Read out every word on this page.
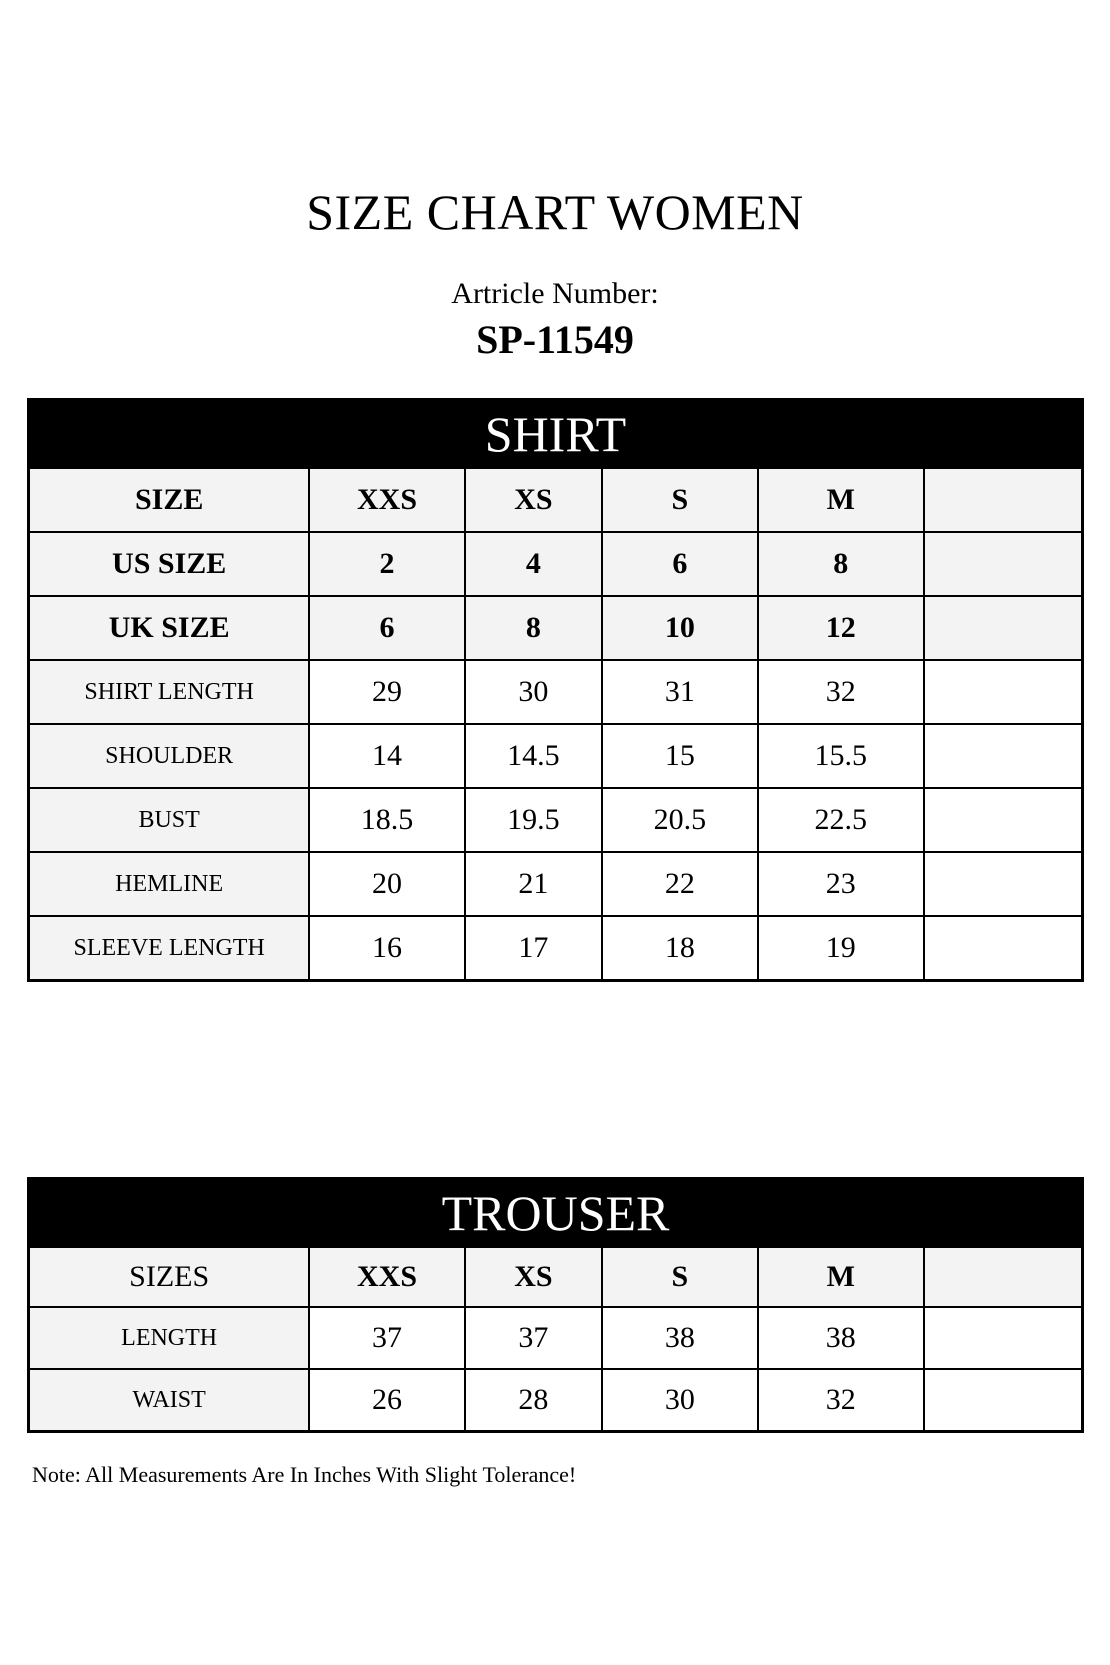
SIZE CHART WOMEN
Artricle Number:
SP-11549
SHIRT					
SIZE	XXS	XS	S	M	
US SIZE	2	4	6	8	
UK SIZE	6	8	10	12	
SHIRT LENGTH	29	30	31	32	
SHOULDER	14	14.5	15	15.5	
BUST	18.5	19.5	20.5	22.5	
HEMLINE	20	21	22	23	
SLEEVE LENGTH	16	17	18	19	
TROUSER					
SIZES	XXS	XS	S	M	
LENGTH	37	37	38	38	
WAIST	26	28	30	32	
Note: All Measurements Are In Inches With Slight Tolerance!
